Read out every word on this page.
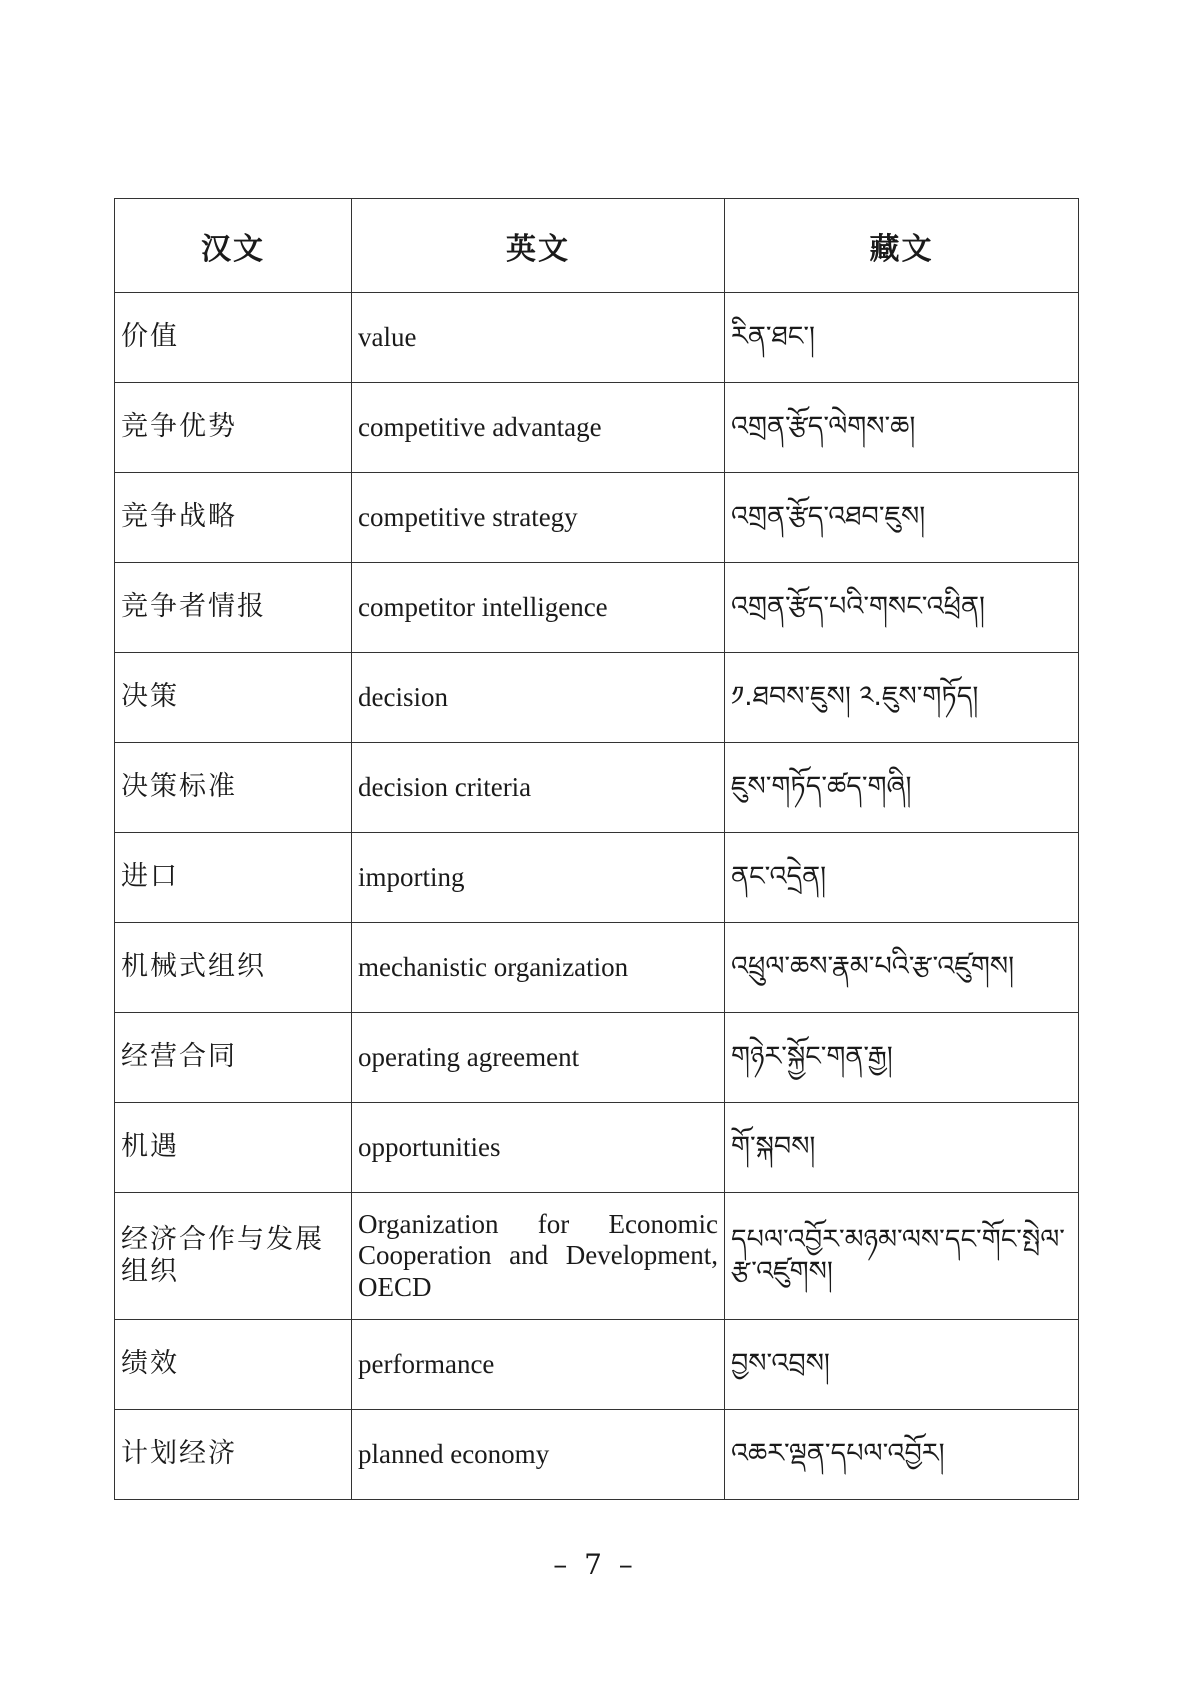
汉文	英文	藏文
价值	value	རིན་ཐང་།
竞争优势	competitive advantage	འགྲན་རྩོད་ལེགས་ཆ།
竞争战略	competitive strategy	འགྲན་རྩོད་འཐབ་ཇུས།
竞争者情报	competitor intelligence	འགྲན་རྩོད་པའི་གསང་འཕྲིན།
决策	decision	༡.ཐབས་ཇུས། ༢.ཇུས་གཏོད།
决策标准	decision criteria	ཇུས་གཏོད་ཚད་གཞི།
进口	importing	ནང་འདྲེན།
机械式组织	mechanistic organization	འཕྲུལ་ཆས་རྣམ་པའི་རྩ་འཛུགས།
经营合同	operating agreement	གཉེར་སྐྱོང་གན་རྒྱ།
机遇	opportunities	གོ་སྐབས།
经济合作与发展组织	Organization for Economic Cooperation and Development, OECD	དཔལ་འབྱོར་མཉམ་ལས་དང་གོང་སྤེལ་རྩ་འཛུགས།
绩效	performance	བྱས་འབྲས།
计划经济	planned economy	འཆར་ལྡན་དཔལ་འབྱོར།
– 7 –
